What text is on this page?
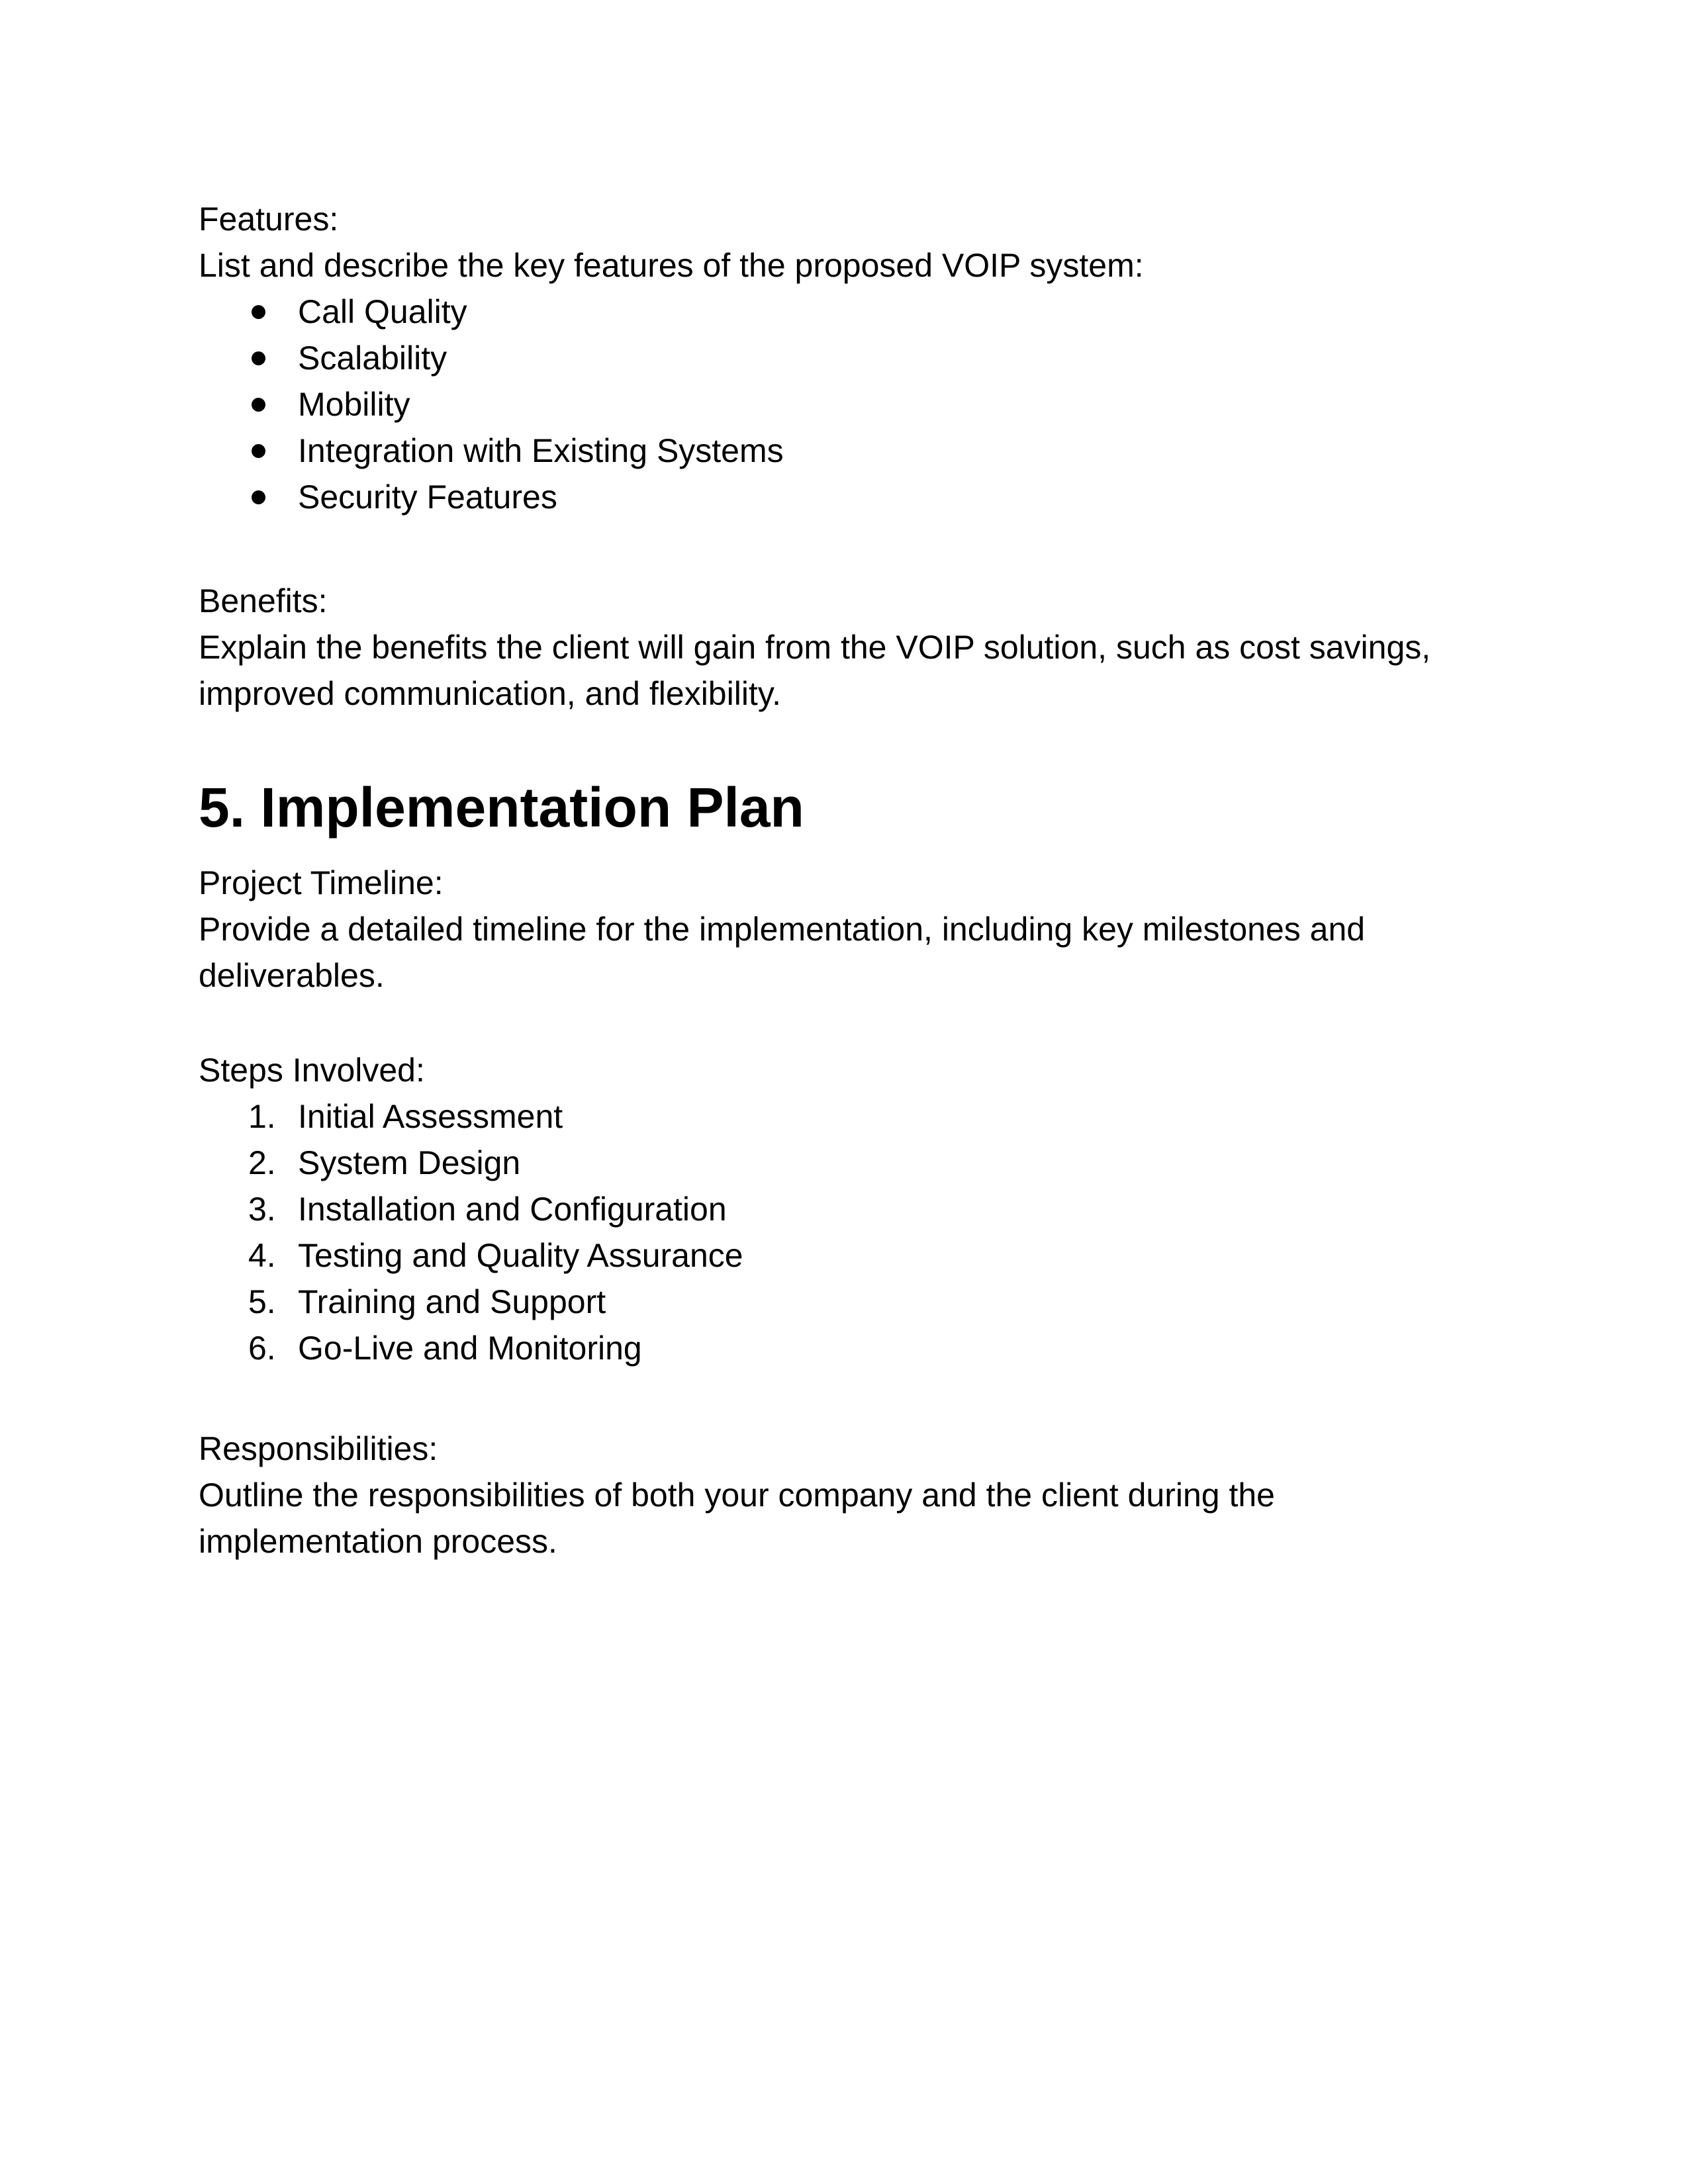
Features:
List and describe the key features of the proposed VOIP system:
Call Quality
Scalability
Mobility
Integration with Existing Systems
Security Features
Benefits:
Explain the benefits the client will gain from the VOIP solution, such as cost savings,
improved communication, and flexibility.
5. Implementation Plan
Project Timeline:
Provide a detailed timeline for the implementation, including key milestones and
deliverables.
Steps Involved:
1. Initial Assessment
2. System Design
3. Installation and Configuration
4. Testing and Quality Assurance
5. Training and Support
6. Go-Live and Monitoring
Responsibilities:
Outline the responsibilities of both your company and the client during the
implementation process.
